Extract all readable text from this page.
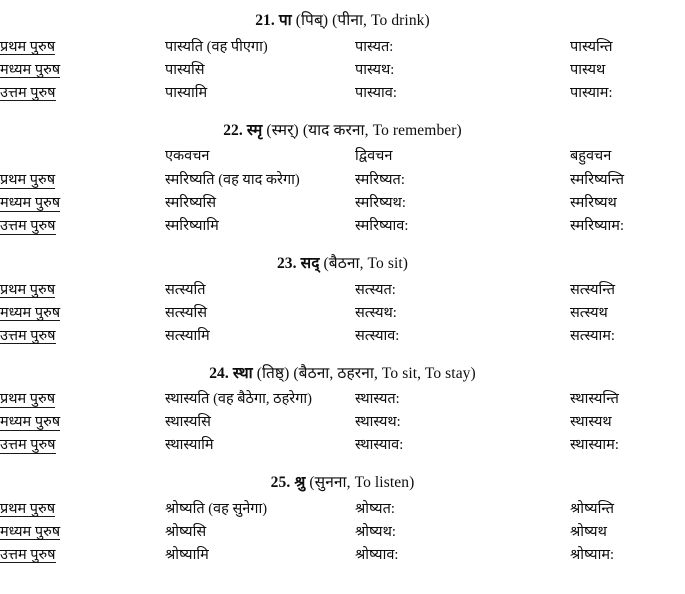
21. पा (पिब्) (पीना, To drink)
प्रथम पुरुष	पास्यति (वह पीएगा)	पास्यत:	पास्यन्ति
मध्यम पुरुष	पास्यसि	पास्यथ:	पास्यथ
उत्तम पुरुष	पास्यामि	पास्याव:	पास्याम:
22. स्मृ (स्मर्) (याद करना, To remember)
	एकवचन	द्विवचन	बहुवचन
प्रथम पुरुष	स्मरिष्यति (वह याद करेगा)	स्मरिष्यत:	स्मरिष्यन्ति
मध्यम पुरुष	स्मरिष्यसि	स्मरिष्यथ:	स्मरिष्यथ
उत्तम पुरुष	स्मरिष्यामि	स्मरिष्याव:	स्मरिष्याम:
23. सद् (बैठना, To sit)
प्रथम पुरुष	सत्स्यति	सत्स्यत:	सत्स्यन्ति
मध्यम पुरुष	सत्स्यसि	सत्स्यथ:	सत्स्यथ
उत्तम पुरुष	सत्स्यामि	सत्स्याव:	सत्स्याम:
24. स्था (तिष्ठ्) (बैठना, ठहरना, To sit, To stay)
प्रथम पुरुष	स्थास्यति (वह बैठेगा, ठहरेगा)	स्थास्यत:	स्थास्यन्ति
मध्यम पुरुष	स्थास्यसि	स्थास्यथ:	स्थास्यथ
उत्तम पुरुष	स्थास्यामि	स्थास्याव:	स्थास्याम:
25. श्रु (सुनना, To listen)
प्रथम पुरुष	श्रोष्यति (वह सुनेगा)	श्रोष्यत:	श्रोष्यन्ति
मध्यम पुरुष	श्रोष्यसि	श्रोष्यथ:	श्रोष्यथ
उत्तम पुरुष	श्रोष्यामि	श्रोष्याव:	श्रोष्याम:
